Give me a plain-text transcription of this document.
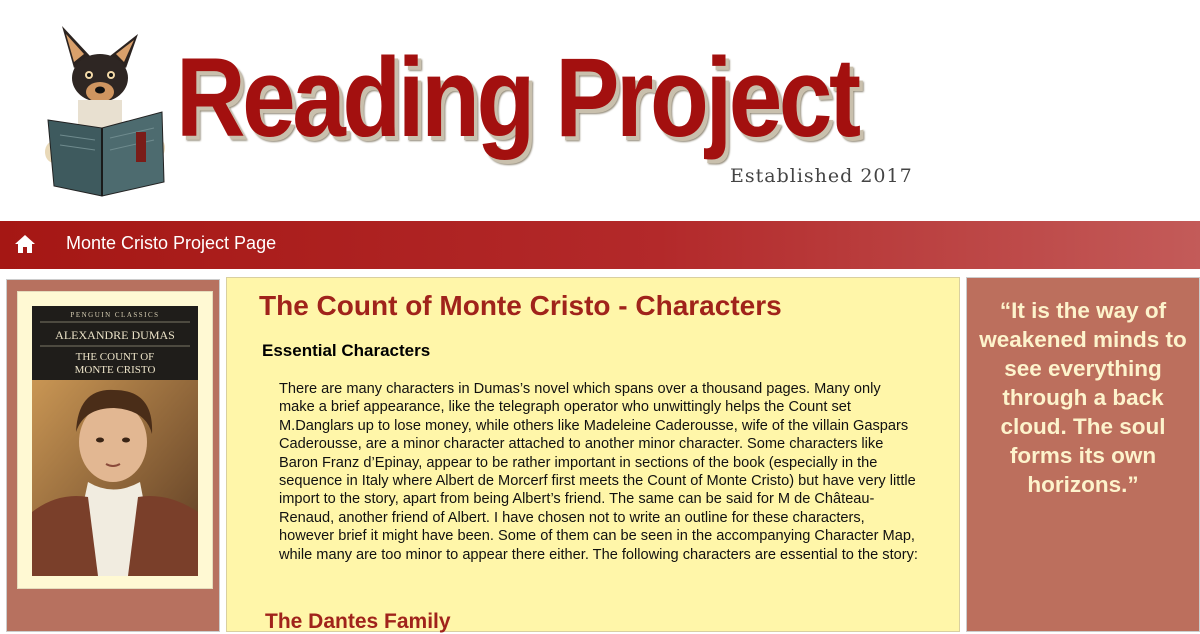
Reading Project
Established 2017
Monte Cristo Project Page
PENGUIN CLASSICS
ALEXANDRE DUMAS
THE COUNT OF
MONTE CRISTO
The Count of Monte Cristo - Characters
Essential Characters

There are many characters in Dumas’s novel which spans over a thousand pages. Many only make a brief appearance, like the telegraph operator who unwittingly helps the Count set M.Danglars up to lose money, while others like Madeleine Caderousse, wife of the villain Gaspars Caderousse, are a minor character attached to another minor character. Some characters like Baron Franz d’Epinay, appear to be rather important in sections of the book (especially in the sequence in Italy where Albert de Morcerf first meets the Count of Monte Cristo) but have very little import to the story, apart from being Albert’s friend. The same can be said for M de Château-Renaud, another friend of Albert. I have chosen not to write an outline for these characters, however brief it might have been. Some of them can be seen in the accompanying Character Map, while many are too minor to appear there either. The following characters are essential to the story:

The Dantes Family
“It is the way of weakened minds to see everything through a back cloud. The soul forms its own horizons.”
